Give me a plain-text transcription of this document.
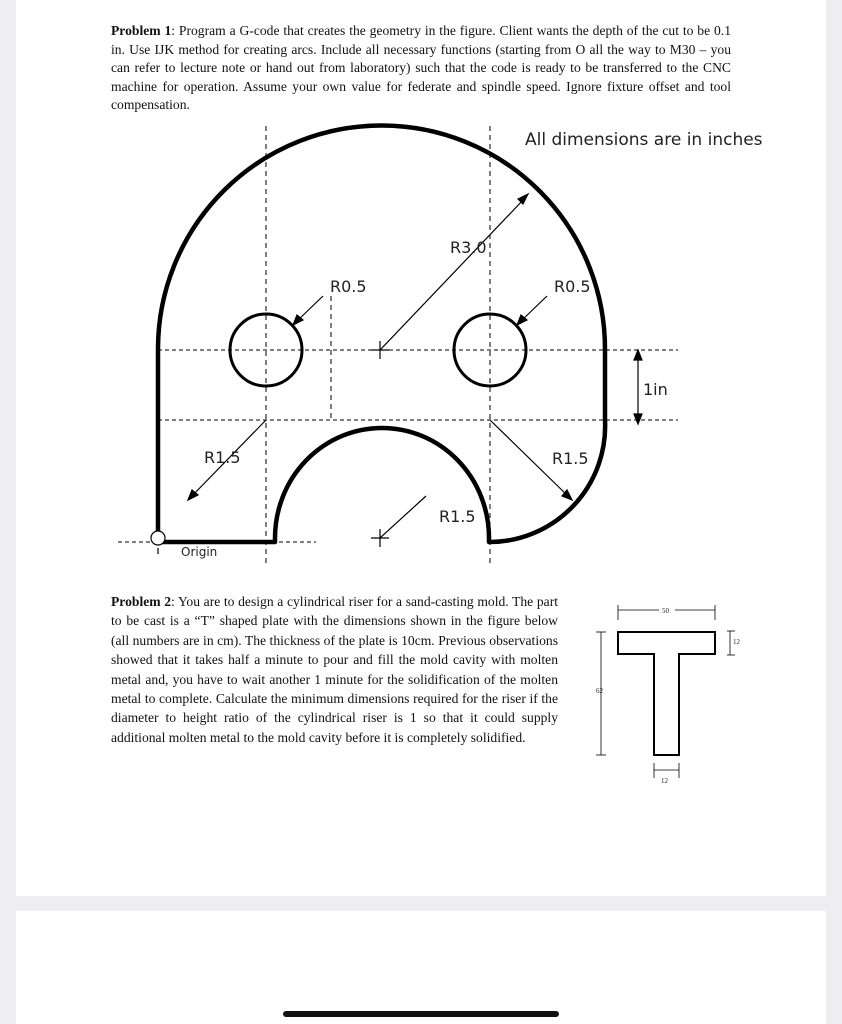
Problem 1: Program a G-code that creates the geometry in the figure. Client wants the depth of the cut to be 0.1 in. Use IJK method for creating arcs. Include all necessary functions (starting from O all the way to M30 – you can refer to lecture note or hand out from laboratory) such that the code is ready to be transferred to the CNC machine for operation. Assume your own value for federate and spindle speed. Ignore fixture offset and tool compensation.
All dimensions are in inches
R3.0
R0.5	R0.5
R1.5	R1.5
R1.5
1in
Origin
Problem 2: You are to design a cylindrical riser for a sand-casting mold. The part to be cast is a “T” shaped plate with the dimensions shown in the figure below (all numbers are in cm). The thickness of the plate is 10cm. Previous observations showed that it takes half a minute to pour and fill the mold cavity with molten metal and, you have to wait another 1 minute for the solidification of the molten metal to complete. Calculate the minimum dimensions required for the riser if the diameter to height ratio of the cylindrical riser is 1 so that it could supply additional molten metal to the mold cavity before it is completely solidified.
50
12
62
12
